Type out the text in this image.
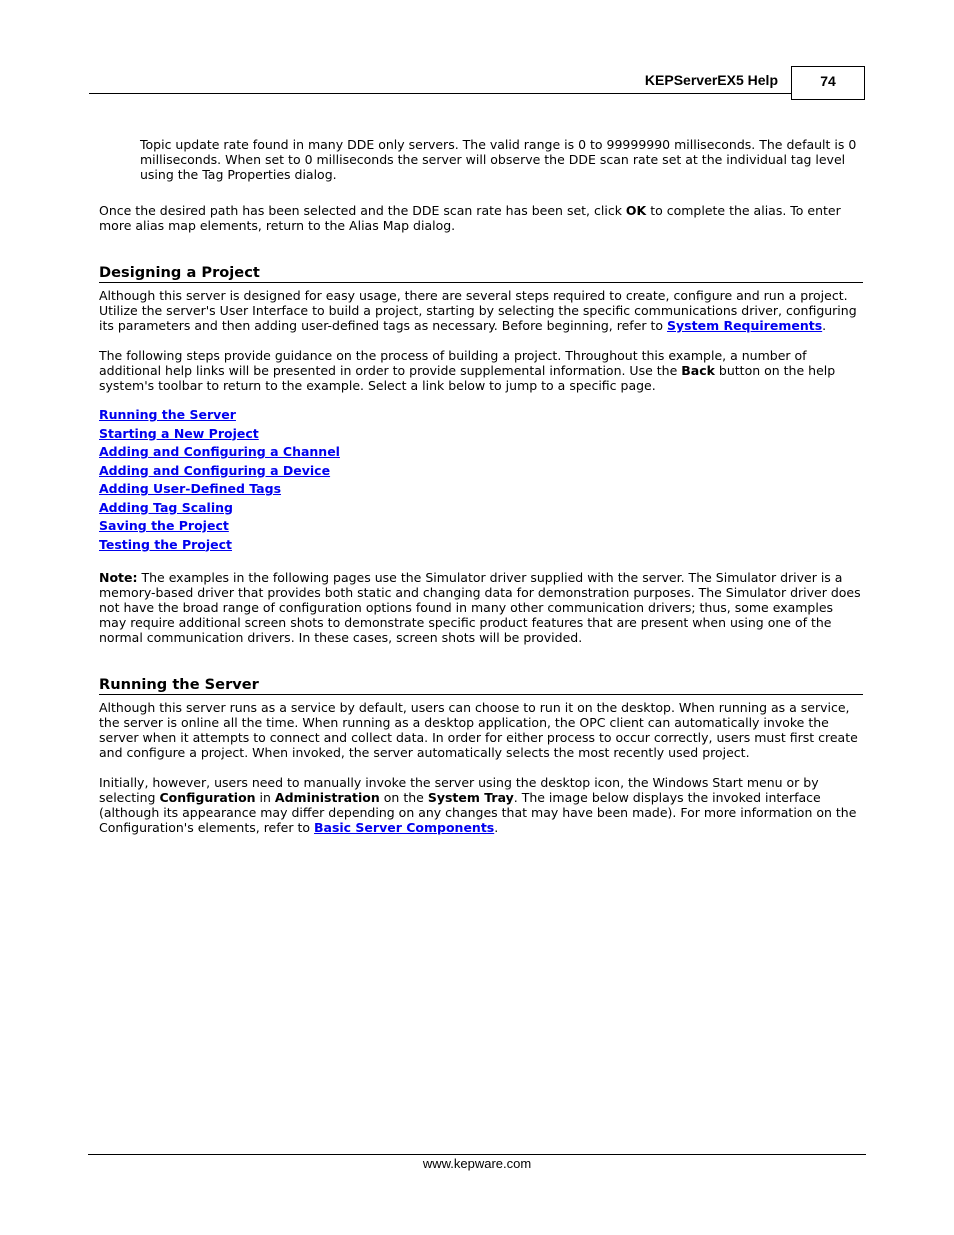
KEPServerEX5 Help	74

Topic update rate found in many DDE only servers. The valid range is 0 to 99999990 milliseconds. The default is 0 milliseconds. When set to 0 milliseconds the server will observe the DDE scan rate set at the individual tag level using the Tag Properties dialog.

Once the desired path has been selected and the DDE scan rate has been set, click OK to complete the alias. To enter more alias map elements, return to the Alias Map dialog.

Designing a Project

Although this server is designed for easy usage, there are several steps required to create, configure and run a project. Utilize the server's User Interface to build a project, starting by selecting the specific communications driver, configuring its parameters and then adding user-defined tags as necessary. Before beginning, refer to System Requirements.

The following steps provide guidance on the process of building a project. Throughout this example, a number of additional help links will be presented in order to provide supplemental information. Use the Back button on the help system's toolbar to return to the example. Select a link below to jump to a specific page.

Running the Server
Starting a New Project
Adding and Configuring a Channel
Adding and Configuring a Device
Adding User-Defined Tags
Adding Tag Scaling
Saving the Project
Testing the Project

Note: The examples in the following pages use the Simulator driver supplied with the server. The Simulator driver is a memory-based driver that provides both static and changing data for demonstration purposes. The Simulator driver does not have the broad range of configuration options found in many other communication drivers; thus, some examples may require additional screen shots to demonstrate specific product features that are present when using one of the normal communication drivers. In these cases, screen shots will be provided.

Running the Server

Although this server runs as a service by default, users can choose to run it on the desktop. When running as a service, the server is online all the time. When running as a desktop application, the OPC client can automatically invoke the server when it attempts to connect and collect data. In order for either process to occur correctly, users must first create and configure a project. When invoked, the server automatically selects the most recently used project.

Initially, however, users need to manually invoke the server using the desktop icon, the Windows Start menu or by selecting Configuration in Administration on the System Tray. The image below displays the invoked interface (although its appearance may differ depending on any changes that may have been made). For more information on the Configuration's elements, refer to Basic Server Components.

www.kepware.com
